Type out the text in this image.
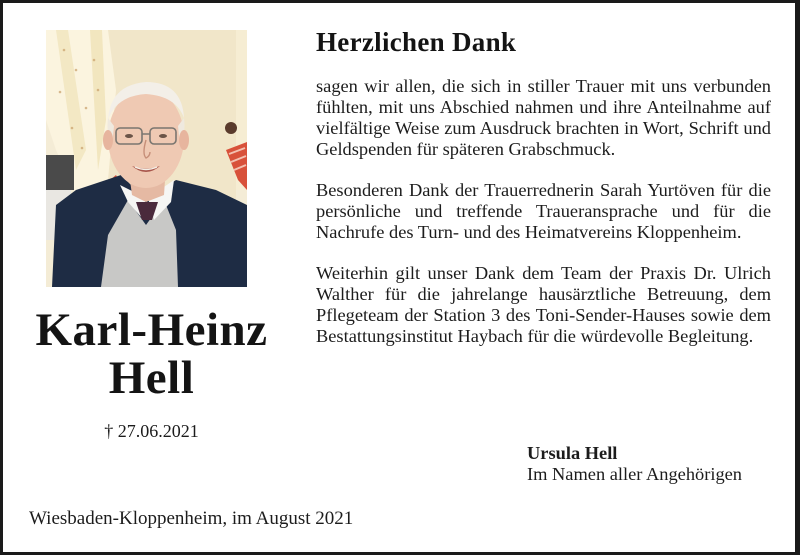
Karl-Heinz
Hell
† 27.06.2021
Herzlichen Dank

sagen wir allen, die sich in stiller Trauer mit uns verbunden fühlten, mit uns Abschied nahmen und ihre Anteilnahme auf vielfältige Weise zum Ausdruck brachten in Wort, Schrift und Geldspenden für späteren Grabschmuck.

Besonderen Dank der Trauerrednerin Sarah Yurtöven für die persönliche und treffende Traueransprache und für die Nachrufe des Turn- und des Heimatvereins Kloppenheim.

Weiterhin gilt unser Dank dem Team der Praxis Dr. Ulrich Walther für die jahrelange hausärztliche Betreuung, dem Pflegeteam der Station 3 des Toni-Sender-Hauses sowie dem Bestattungsinstitut Haybach für die würdevolle Begleitung.

Ursula Hell
Im Namen aller Angehörigen
Wiesbaden-Kloppenheim, im August 2021
